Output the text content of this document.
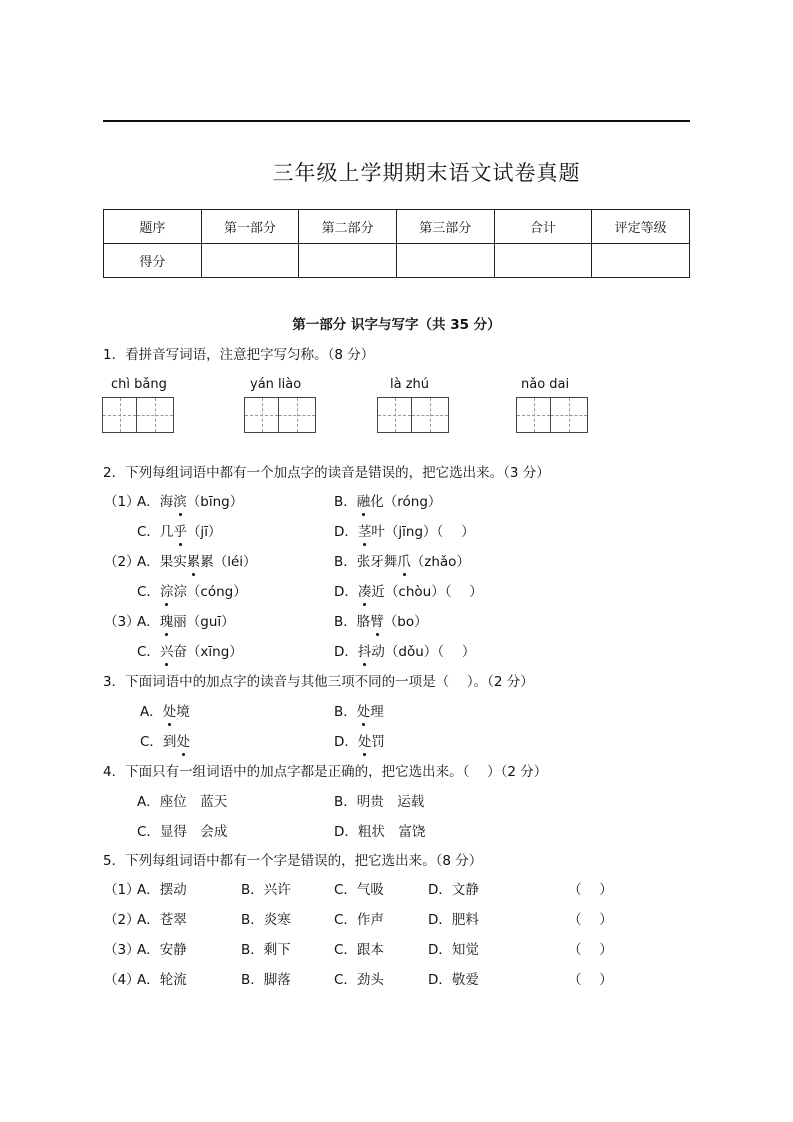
三年级上学期期末语文试卷真题
题序	第一部分	第二部分	第三部分	合计	评定等级
得分					
第一部分 识字与写字（共 35 分）
1．看拼音写词语，注意把字写匀称。（8 分）
chì bǎng	yán liào	là zhú	nǎo dai
2．下列每组词语中都有一个加点字的读音是错误的，把它选出来。（3 分）
（1）
A．海滨（bīng）	B．融化（róng）
C．几乎（jī）	D．茎叶（jīng）（　 ）
（2）
A．果实累累（léi）	B．张牙舞爪（zhǎo）
C．淙淙（cóng）	D．凑近（chòu）（　 ）
（3）
A．瑰丽（guī）	B．胳臂（bo）
C．兴奋（xīng）	D．抖动（dǒu）（　 ）
3．下面词语中的加点字的读音与其他三项不同的一项是（　 ）。（2 分）
A．处境	B．处理
C．到处	D．处罚
4．下面只有一组词语中的加点字都是正确的，把它选出来。（　 ）（2 分）
A．座位　蓝天	B．明贵　运载
C．显得　会成	D．粗状　富饶
5．下列每组词语中都有一个字是错误的，把它选出来。（8 分）
（1）
A．摆动	B．兴许	C．气吸	D．文静	（　 ）
（2）
A．苍翠	B．炎寒	C．作声	D．肥料	（　 ）
（3）
A．安静	B．剩下	C．跟本	D．知觉	（　 ）
（4）
A．轮流	B．脚落	C．劲头	D．敬爱	（　 ）
